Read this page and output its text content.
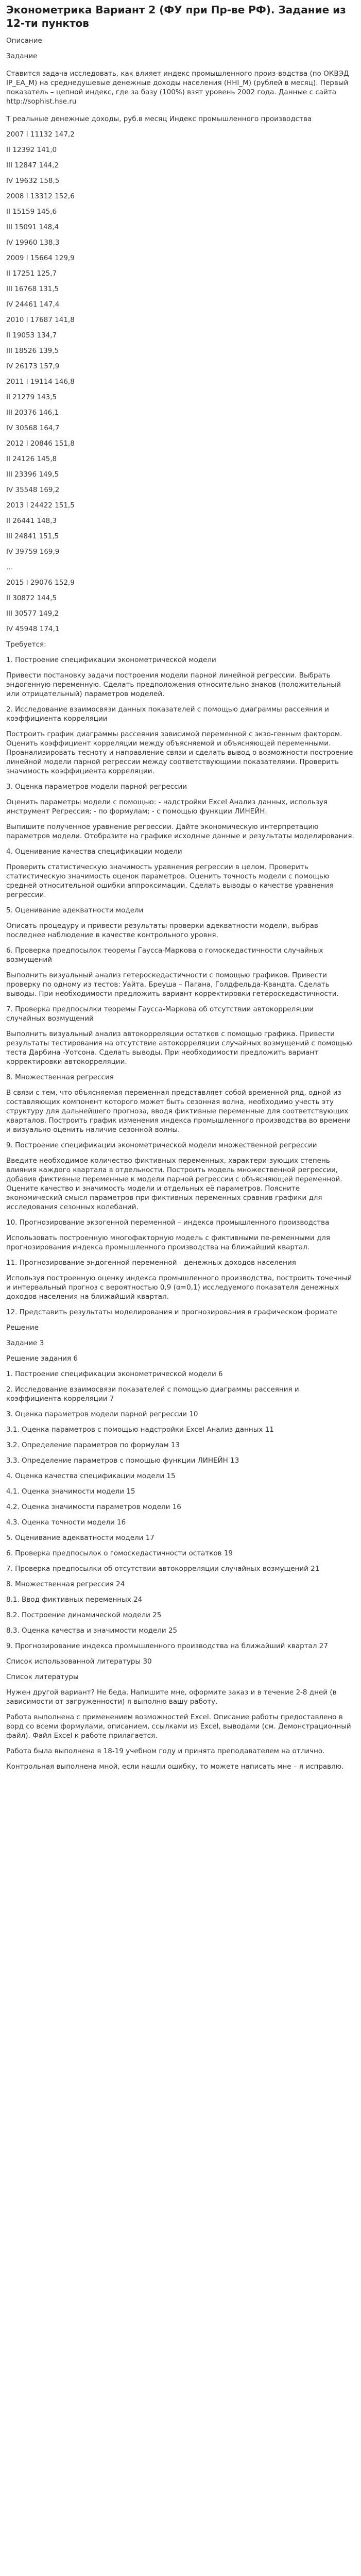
Эконометрика Вариант 2 (ФУ при Пр-ве РФ). Задание из 12-ти пунктов

Описание

Задание

Ставится задача исследовать, как влияет индекс промышленного произ-водства (по ОКВЭД IP_EA_M) на среднедушевые денежные доходы населения (HHI_M) (рублей в месяц). Первый показатель – цепной индекс, где за базу (100%) взят уровень 2002 года. Данные с сайта http://sophist.hse.ru

T реальные денежные доходы, руб.в месяц Индекс промышленного производства

2007 I 11132 147,2

II 12392 141,0

III 12847 144,2

IV 19632 158,5

2008 I 13312 152,6

II 15159 145,6

III 15091 148,4

IV 19960 138,3

2009 I 15664 129,9

II 17251 125,7

III 16768 131,5

IV 24461 147,4

2010 I 17687 141,8

II 19053 134,7

III 18526 139,5

IV 26173 157,9

2011 I 19114 146,8

II 21279 143,5

III 20376 146,1

IV 30568 164,7

2012 I 20846 151,8

II 24126 145,8

III 23396 149,5

IV 35548 169,2

2013 I 24422 151,5

II 26441 148,3

III 24841 151,5

IV 39759 169,9

…

2015 I 29076 152,9

II 30872 144,5

III 30577 149,2

IV 45948 174,1

Требуется:

1. Построение спецификации эконометрической модели

Привести постановку задачи построения модели парной линейной регрессии. Выбрать эндогенную переменную. Сделать предположения относительно знаков (положительный или отрицательный) параметров моделей.

2. Исследование взаимосвязи данных показателей с помощью диаграммы рассеяния и коэффициента корреляции

Построить график диаграммы рассеяния зависимой переменной с экзо-генным фактором. Оценить коэффициент корреляции между объясняемой и объясняющей переменными. Проанализировать тесноту и направление связи и сделать вывод о возможности построение линейной модели парной регрессии между соответствующими показателями. Проверить значимость коэффициента корреляции.

3. Оценка параметров модели парной регрессии

Оценить параметры модели с помощью: - надстройки Excel Анализ данных, используя инструмент Регрессия; - по формулам; - с помощью функции ЛИНЕЙН.

Выпишите полученное уравнение регрессии. Дайте экономическую интерпретацию параметров модели. Отобразите на графике исходные данные и результаты моделирования.

4. Оценивание качества спецификации модели

Проверить статистическую значимость уравнения регрессии в целом. Проверить статистическую значимость оценок параметров. Оценить точность модели с помощью средней относительной ошибки аппроксимации. Сделать выводы о качестве уравнения регрессии.

5. Оценивание адекватности модели

Описать процедуру и привести результаты проверки адекватности модели, выбрав последнее наблюдение в качестве контрольного уровня.

6. Проверка предпосылок теоремы Гаусса-Маркова о гомоскедастичности случайных возмущений

Выполнить визуальный анализ гетероскедастичности с помощью графиков. Привести проверку по одному из тестов: Уайта, Бреуша – Пагана, Голдфельда-Квандта. Сделать выводы. При необходимости предложить вариант корректировки гетероскедастичности.

7. Проверка предпосылки теоремы Гаусса-Маркова об отсутствии автокорреляции случайных возмущений

Выполнить визуальный анализ автокорреляции остатков с помощью графика. Привести результаты тестирования на отсутствие автокорреляции случайных возмущений с помощью теста Дарбина -Уотсона. Сделать выводы. При необходимости предложить вариант корректировки автокорреляции.

8. Множественная регрессия

В связи с тем, что объясняемая переменная представляет собой временной ряд, одной из составляющих компонент которого может быть сезонная волна, необходимо учесть эту структуру для дальнейшего прогноза, вводя фиктивные переменные для соответствующих кварталов. Построить график изменения индекса промышленного производства во времени и визуально оценить наличие сезонной волны.

9. Построение спецификации эконометрической модели множественной регрессии

Введите необходимое количество фиктивных переменных, характери-зующих степень влияния каждого квартала в отдельности. Построить модель множественной регрессии, добавив фиктивные переменные к модели парной регрессии с объясняющей переменной. Оцените качество и значимость модели и отдельных её параметров. Поясните экономический смысл параметров при фиктивных переменных сравнив графики для исследования сезонных колебаний.

10. Прогнозирование экзогенной переменной – индекса промышленного производства

Использовать построенную многофакторную модель с фиктивными пе-ременными для прогнозирования индекса промышленного производства на ближайший квартал.

11. Прогнозирование эндогенной переменной - денежных доходов населения

Используя построенную оценку индекса промышленного производства, построить точечный и интервальный прогноз с вероятностью 0,9 (α=0,1) исследуемого показателя денежных доходов населения на ближайший квартал.

12. Представить результаты моделирования и прогнозирования в графическом формате

Решение

Задание 3

Решение задания 6

1. Построение спецификации эконометрической модели 6

2. Исследование взаимосвязи показателей с помощью диаграммы рассеяния и коэффициента корреляции 7

3. Оценка параметров модели парной регрессии 10

3.1. Оценка параметров с помощью надстройки Excel Анализ данных 11

3.2. Определение параметров по формулам 13

3.3. Определение параметров с помощью функции ЛИНЕЙН 13

4. Оценка качества спецификации модели 15

4.1. Оценка значимости модели 15

4.2. Оценка значимости параметров модели 16

4.3. Оценка точности модели 16

5. Оценивание адекватности модели 17

6. Проверка предпосылок о гомоскедастичности остатков 19

7. Проверка предпосылки об отсутствии автокорреляции случайных возмущений 21

8. Множественная регрессия 24

8.1. Ввод фиктивных переменных 24

8.2. Построение динамической модели 25

8.3. Оценка качества и значимости модели 25

9. Прогнозирование индекса промышленного производства на ближайший квартал 27

Список использованной литературы 30

Список литературы

Нужен другой вариант? Не беда. Напишите мне, оформите заказ и в течение 2-8 дней (в зависимости от загруженности) я выполню вашу работу.

Работа выполнена с применением возможностей Excel. Описание работы предоставлено в ворд со всеми формулами, описанием, ссылками из Excel, выводами (см. Демонстрационный файл). Файл Excel к работе прилагается.

Работа была выполнена в 18-19 учебном году и принята преподавателем на отлично.

Контрольная выполнена мной, если нашли ошибку, то можете написать мне – я исправлю.
